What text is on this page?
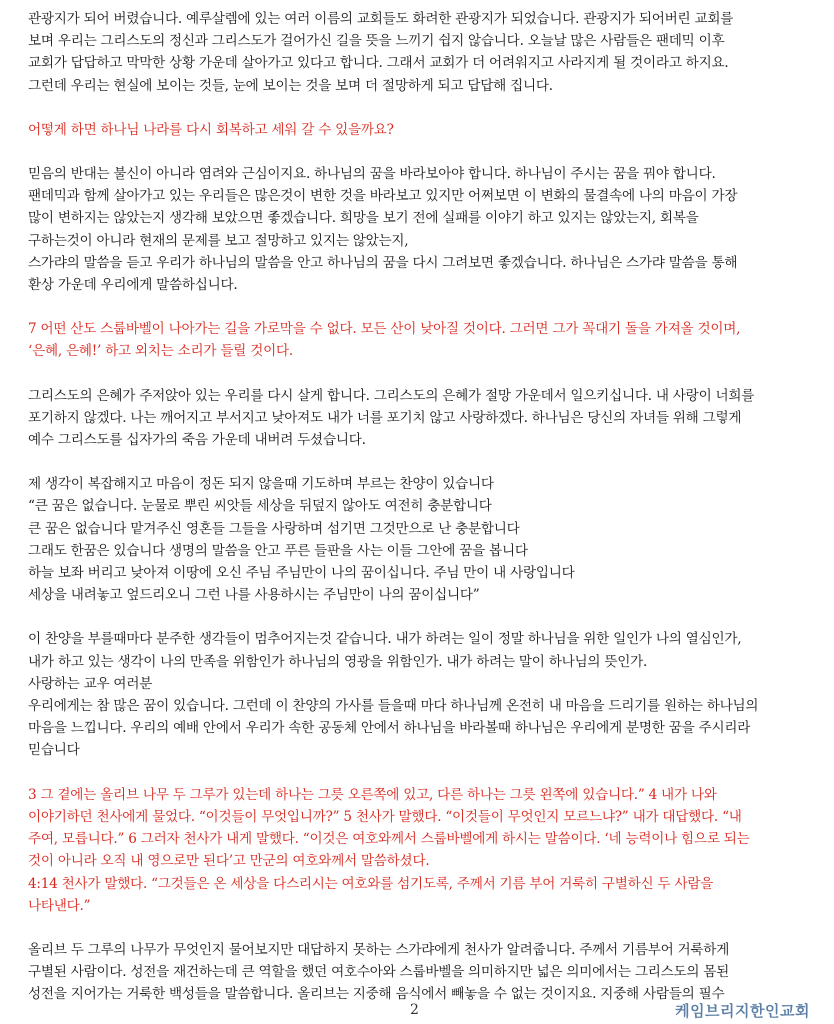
관광지가 되어 버렸습니다. 예루살렘에 있는 여러 이름의 교회들도 화려한 관광지가 되었습니다. 관광지가 되어버린 교회를
보며 우리는 그리스도의 정신과 그리스도가 걸어가신 길을 뜻을 느끼기 쉽지 않습니다. 오늘날 많은 사람들은 팬데믹 이후
교회가 답답하고 막막한 상황 가운데 살아가고 있다고 합니다. 그래서 교회가 더 어려워지고 사라지게 될 것이라고 하지요.
그런데 우리는 현실에 보이는 것들, 눈에 보이는 것을 보며 더 절망하게 되고 답답해 집니다.
어떻게 하면 하나님 나라를 다시 회복하고 세워 갈 수 있을까요?
믿음의 반대는 불신이 아니라 염려와 근심이지요. 하나님의 꿈을 바라보아야 합니다. 하나님이 주시는 꿈을 꿔야 합니다.
팬데믹과 함께 살아가고 있는 우리들은 많은것이 변한 것을 바라보고 있지만 어쩌보면 이 변화의 물결속에 나의 마음이 가장
많이 변하지는 않았는지 생각해 보았으면 좋겠습니다. 희망을 보기 전에 실패를 이야기 하고 있지는 않았는지, 회복을
구하는것이 아니라 현재의 문제를 보고 절망하고 있지는 않았는지,
스가랴의 말씀을 듣고 우리가 하나님의 말씀을 안고 하나님의 꿈을 다시 그려보면 좋겠습니다. 하나님은 스가랴 말씀을 통해
환상 가운데 우리에게 말씀하십니다.
7 어떤 산도 스룹바벨이 나아가는 길을 가로막을 수 없다. 모든 산이 낮아질 것이다. 그러면 그가 꼭대기 돌을 가져올 것이며,
‘은혜, 은혜!’ 하고 외치는 소리가 들릴 것이다.
그리스도의 은혜가 주저앉아 있는 우리를 다시 살게 합니다. 그리스도의 은혜가 절망 가운데서 일으키십니다. 내 사랑이 너희를
포기하지 않겠다. 나는 깨어지고 부서지고 낮아져도 내가 너를 포기치 않고 사랑하겠다. 하나님은 당신의 자녀들 위해 그렇게
예수 그리스도를 십자가의 죽음 가운데 내버려 두셨습니다.
제 생각이 복잡해지고 마음이 정돈 되지 않을때 기도하며 부르는 찬양이 있습니다
“큰 꿈은 없습니다. 눈물로 뿌린 씨앗들 세상을 뒤덮지 않아도 여전히 충분합니다
큰 꿈은 없습니다 맡겨주신 영혼들 그들을 사랑하며 섬기면 그것만으로 난 충분합니다
그래도 한꿈은 있습니다 생명의 말씀을 안고 푸른 들판을 사는 이들 그안에 꿈을 봅니다
하늘 보좌 버리고 낮아져 이땅에 오신 주님 주님만이 나의 꿈이십니다. 주님 만이 내 사랑입니다
세상을 내려놓고 엎드리오니 그런 나를 사용하시는 주님만이 나의 꿈이십니다”
이 찬양을 부를때마다 분주한 생각들이 멈추어지는것 같습니다. 내가 하려는 일이 정말 하나님을 위한 일인가 나의 열심인가,
내가 하고 있는 생각이 나의 만족을 위함인가 하나님의 영광을 위함인가. 내가 하려는 말이 하나님의 뜻인가.
사랑하는 교우 여러분
우리에게는 참 많은 꿈이 있습니다. 그런데 이 찬양의 가사를 들을때 마다 하나님께 온전히 내 마음을 드리기를 원하는 하나님의
마음을 느낍니다. 우리의 예배 안에서 우리가 속한 공동체 안에서 하나님을 바라볼때 하나님은 우리에게 분명한 꿈을 주시리라
믿습니다
3 그 곁에는 올리브 나무 두 그루가 있는데 하나는 그릇 오른쪽에 있고, 다른 하나는 그릇 왼쪽에 있습니다.” 4 내가 나와
이야기하던 천사에게 물었다. “이것들이 무엇입니까?” 5 천사가 말했다. “이것들이 무엇인지 모르느냐?” 내가 대답했다. “내
주여, 모릅니다.” 6 그러자 천사가 내게 말했다. “이것은 여호와께서 스룹바벨에게 하시는 말씀이다. ‘네 능력이나 힘으로 되는
것이 아니라 오직 내 영으로만 된다’고 만군의 여호와께서 말씀하셨다.
4:14 천사가 말했다. “그것들은 온 세상을 다스리시는 여호와를 섬기도록, 주께서 기름 부어 거룩히 구별하신 두 사람을
나타낸다.”
올리브 두 그루의 나무가 무엇인지 물어보지만 대답하지 못하는 스가랴에게 천사가 알려줍니다. 주께서 기름부어 거룩하게
구별된 사람이다. 성전을 재건하는데 큰 역할을 했던 여호수아와 스룹바벨을 의미하지만 넓은 의미에서는 그리스도의 몸된
성전을 지어가는 거룩한 백성들을 말씀합니다. 올리브는 지중해 음식에서 빼놓을 수 없는 것이지요. 지중해 사람들의 필수
2	케임브리지한인교회
